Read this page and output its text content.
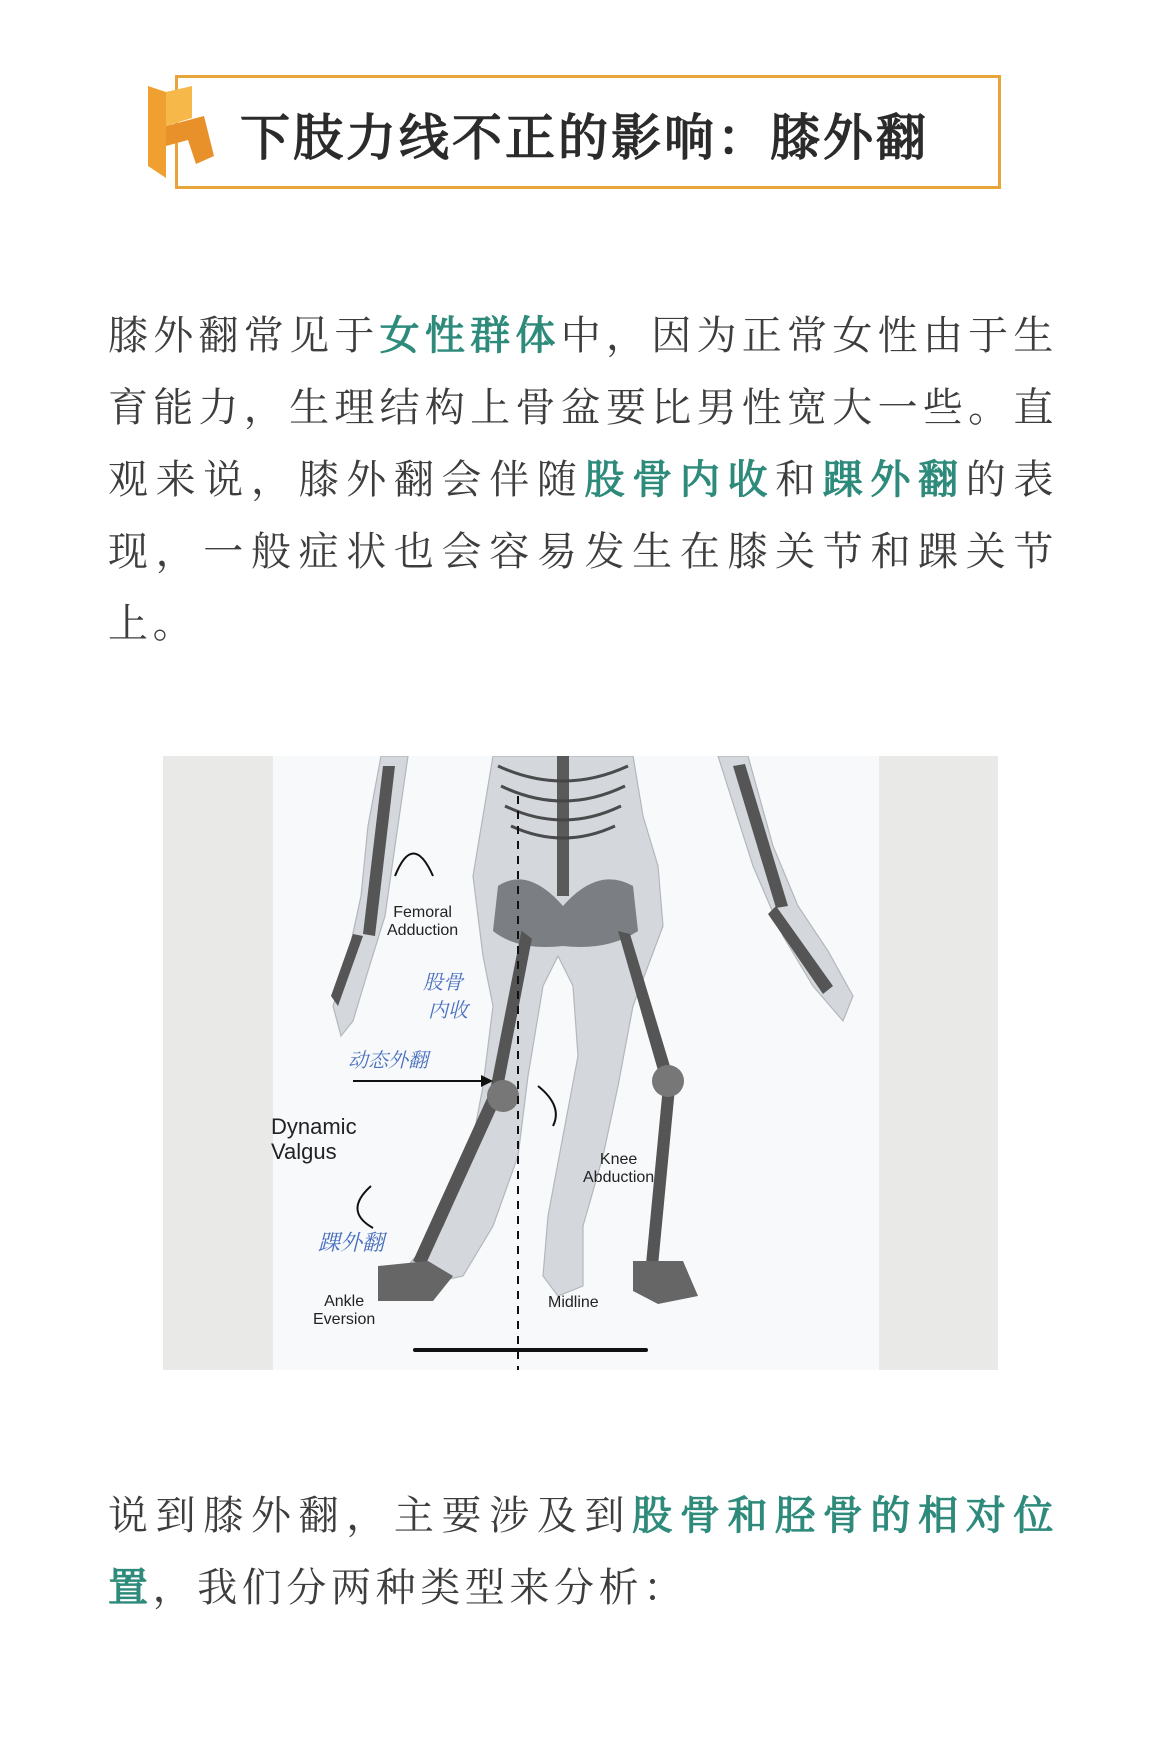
下肢力线不正的影响：膝外翻
膝外翻常见于女性群体中，因为正常女性由于生育能力，生理结构上骨盆要比男性宽大一些。直观来说，膝外翻会伴随股骨内收和踝外翻的表现，一般症状也会容易发生在膝关节和踝关节上。
Femoral
Adduction
Dynamic
Valgus	Knee
Abduction
Ankle
Eversion
Midline
股骨
内收
动态外翻
踝外翻
说到膝外翻，主要涉及到股骨和胫骨的相对位置，我们分两种类型来分析：
